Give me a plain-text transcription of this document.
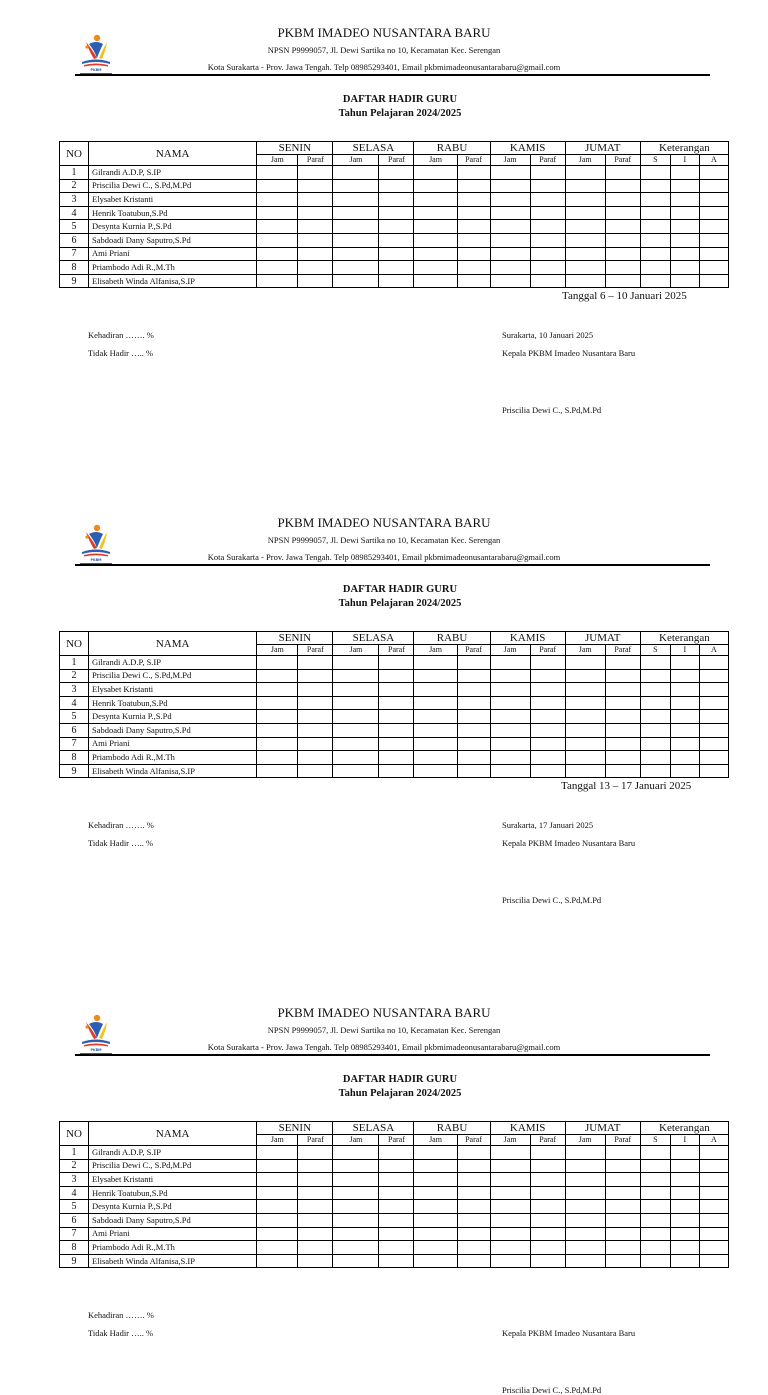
PKBM
PKBM IMADEO NUSANTARA BARU
NPSN P9999057, Jl. Dewi Sartika no 10, Kecamatan Kec. Serengan
Kota Surakarta - Prov. Jawa Tengah. Telp 08985293401, Email pkbmimadeonusantarabaru@gmail.com
DAFTAR HADIR GURU
Tahun Pelajaran 2024/2025
NO	NAMA	SENIN		SELASA		RABU		KAMIS		JUMAT		Keterangan		
		Jam	Paraf	Jam	Paraf	Jam	Paraf	Jam	Paraf	Jam	Paraf	S	I	A
1	Gilrandi A.D.P, S.IP													
2	Priscilia Dewi C., S.Pd,M.Pd													
3	Elysabet Kristanti													
4	Henrik Toatubun,S.Pd													
5	Desynta Kurnia P.,S.Pd													
6	Sabdoadi Dany Saputro,S.Pd													
7	Ami Priani													
8	Priambodo Adi R.,M.Th													
9	Elisabeth Winda Alfanisa,S.IP													
Tanggal 6 – 10 Januari 2025
Kehadiran ……. %
Tidak Hadir ….. %
Surakarta, 10 Januari 2025
Kepala PKBM Imadeo Nusantara Baru
Priscilia Dewi C., S.Pd,M.Pd
PKBM
PKBM IMADEO NUSANTARA BARU
NPSN P9999057, Jl. Dewi Sartika no 10, Kecamatan Kec. Serengan
Kota Surakarta - Prov. Jawa Tengah. Telp 08985293401, Email pkbmimadeonusantarabaru@gmail.com
DAFTAR HADIR GURU
Tahun Pelajaran 2024/2025
NO	NAMA	SENIN		SELASA		RABU		KAMIS		JUMAT		Keterangan		
		Jam	Paraf	Jam	Paraf	Jam	Paraf	Jam	Paraf	Jam	Paraf	S	I	A
1	Gilrandi A.D.P, S.IP													
2	Priscilia Dewi C., S.Pd,M.Pd													
3	Elysabet Kristanti													
4	Henrik Toatubun,S.Pd													
5	Desynta Kurnia P.,S.Pd													
6	Sabdoadi Dany Saputro,S.Pd													
7	Ami Priani													
8	Priambodo Adi R.,M.Th													
9	Elisabeth Winda Alfanisa,S.IP													
Tanggal 13 – 17 Januari 2025
Kehadiran ……. %
Tidak Hadir ….. %
Surakarta, 17 Januari 2025
Kepala PKBM Imadeo Nusantara Baru
Priscilia Dewi C., S.Pd,M.Pd
PKBM
PKBM IMADEO NUSANTARA BARU
NPSN P9999057, Jl. Dewi Sartika no 10, Kecamatan Kec. Serengan
Kota Surakarta - Prov. Jawa Tengah. Telp 08985293401, Email pkbmimadeonusantarabaru@gmail.com
DAFTAR HADIR GURU
Tahun Pelajaran 2024/2025
NO	NAMA	SENIN		SELASA		RABU		KAMIS		JUMAT		Keterangan		
		Jam	Paraf	Jam	Paraf	Jam	Paraf	Jam	Paraf	Jam	Paraf	S	I	A
1	Gilrandi A.D.P, S.IP													
2	Priscilia Dewi C., S.Pd,M.Pd													
3	Elysabet Kristanti													
4	Henrik Toatubun,S.Pd													
5	Desynta Kurnia P.,S.Pd													
6	Sabdoadi Dany Saputro,S.Pd													
7	Ami Priani													
8	Priambodo Adi R.,M.Th													
9	Elisabeth Winda Alfanisa,S.IP													
Kehadiran ……. %
Tidak Hadir ….. %	Kepala PKBM Imadeo Nusantara Baru
Priscilia Dewi C., S.Pd,M.Pd
